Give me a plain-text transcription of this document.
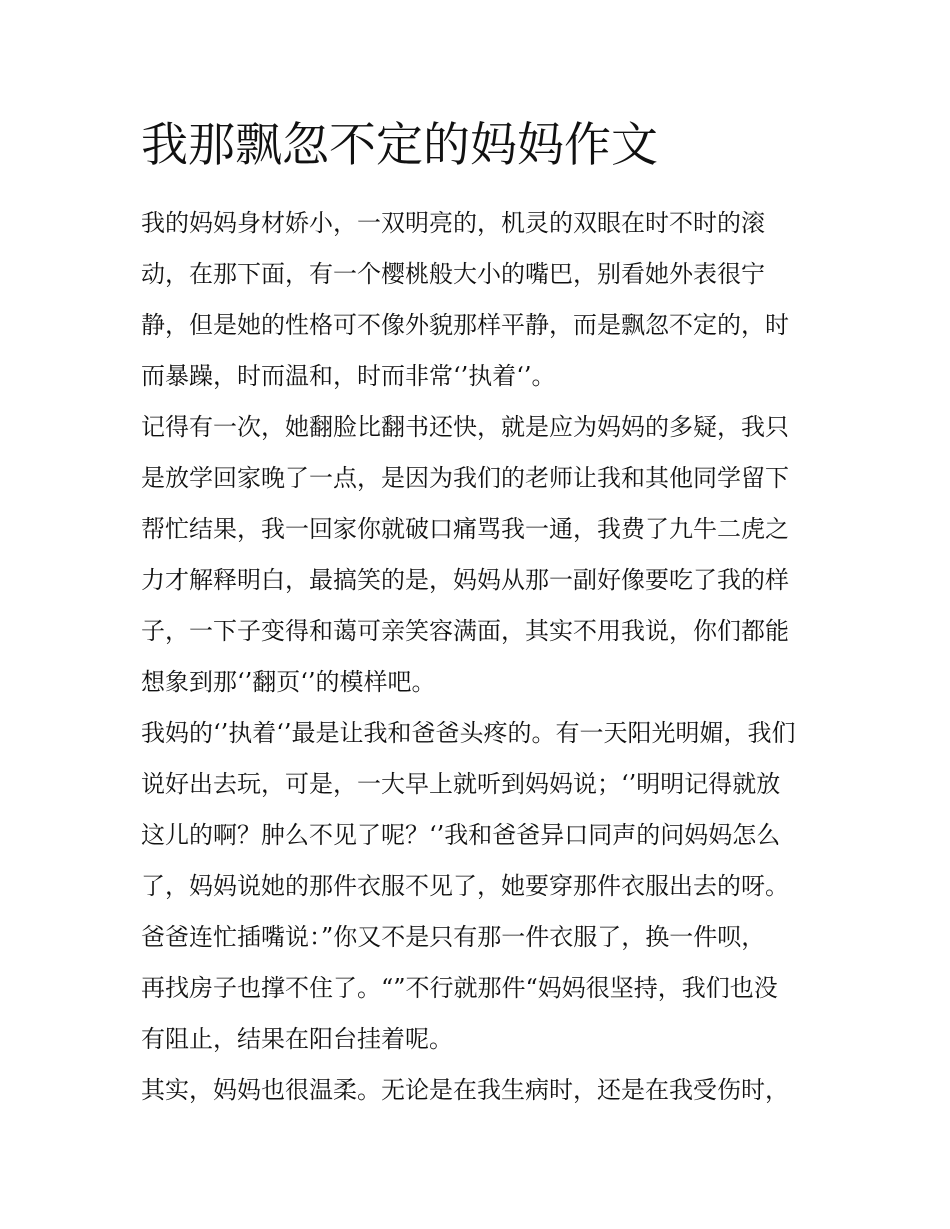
我那飘忽不定的妈妈作文
我的妈妈身材娇小，一双明亮的，机灵的双眼在时不时的滚
动，在那下面，有一个樱桃般大小的嘴巴，别看她外表很宁
静，但是她的性格可不像外貌那样平静，而是飘忽不定的，时
而暴躁，时而温和，时而非常‘’执着‘’。
记得有一次，她翻脸比翻书还快，就是应为妈妈的多疑，我只
是放学回家晚了一点，是因为我们的老师让我和其他同学留下
帮忙结果，我一回家你就破口痛骂我一通，我费了九牛二虎之
力才解释明白，最搞笑的是，妈妈从那一副好像要吃了我的样
子，一下子变得和蔼可亲笑容满面，其实不用我说，你们都能
想象到那‘’翻页‘’的模样吧。
我妈的‘’执着‘’最是让我和爸爸头疼的。有一天阳光明媚，我们
说好出去玩，可是，一大早上就听到妈妈说；‘’明明记得就放
这儿的啊？肿么不见了呢？‘’我和爸爸异口同声的问妈妈怎么
了，妈妈说她的那件衣服不见了，她要穿那件衣服出去的呀。
爸爸连忙插嘴说：”你又不是只有那一件衣服了，换一件呗，
再找房子也撑不住了。“”不行就那件“妈妈很坚持，我们也没
有阻止，结果在阳台挂着呢。
其实，妈妈也很温柔。无论是在我生病时，还是在我受伤时，
